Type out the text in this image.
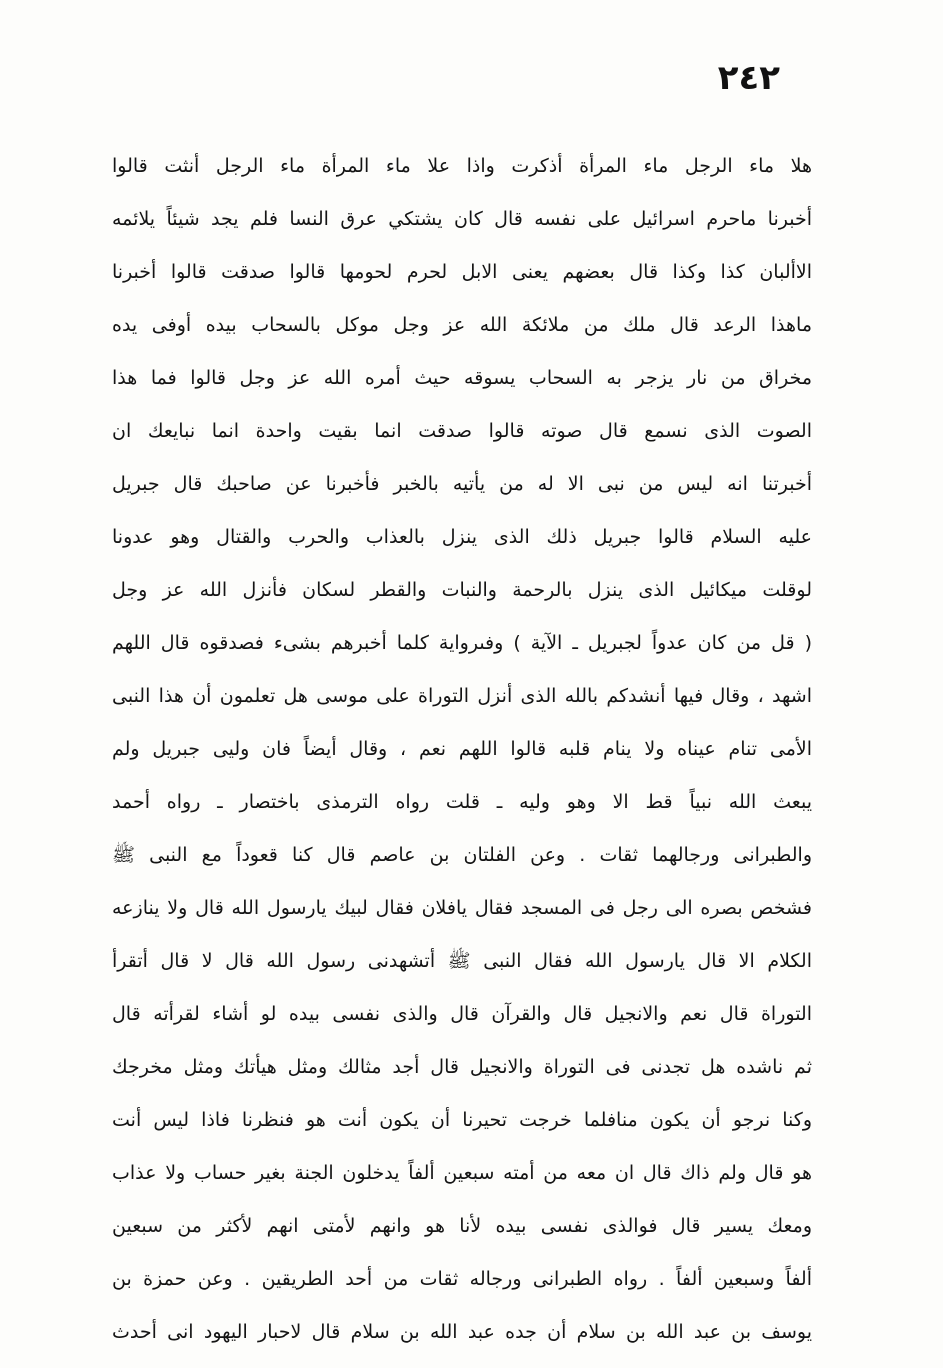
٢٤٢
هلا ماء الرجل ماء المرأة أذكرت واذا علا ماء المرأة ماء الرجل أنثت قالوا
أخبرنا ماحرم اسرائيل على نفسه قال كان يشتكي عرق النسا فلم يجد شيئاً يلائمه
الاألبان كذا وكذا قال بعضهم يعنى الابل لحرم لحومها قالوا صدقت قالوا أخبرنا
ماهذا الرعد قال ملك من ملائكة الله عز وجل موكل بالسحاب بيده أوفى يده
مخراق من نار يزجر به السحاب يسوقه حيث أمره الله عز وجل قالوا فما هذا
الصوت الذى نسمع قال صوته قالوا صدقت انما بقيت واحدة انما نبايعك ان
أخبرتنا انه ليس من نبى الا له من يأتيه بالخبر فأخبرنا عن صاحبك قال جبريل
عليه السلام قالوا جبريل ذلك الذى ينزل بالعذاب والحرب والقتال وهو عدونا
لوقلت ميكائيل الذى ينزل بالرحمة والنبات والقطر لسكان فأنزل الله عز وجل
( قل من كان عدواً لجبريل ـ الآية ) وفىرواية كلما أخبرهم بشىء فصدقوه قال اللهم
اشهد ، وقال فيها أنشدكم بالله الذى أنزل التوراة على موسى هل تعلمون أن هذا النبى
الأمى تنام عيناه ولا ينام قلبه قالوا اللهم نعم ، وقال أيضاً فان وليى جبريل ولم
يبعث الله نبياً قط الا وهو وليه ـ قلت رواه الترمذى باختصار ـ رواه أحمد
والطبرانى ورجالهما ثقات . وعن الفلتان بن عاصم قال كنا قعوداً مع النبى ﷺ
فشخص بصره الى رجل فى المسجد فقال يافلان فقال لبيك يارسول الله قال ولا ينازعه
الكلام الا قال يارسول الله فقال النبى ﷺ أتشهدنى رسول الله قال لا قال أتقرأ
التوراة قال نعم والانجيل قال والقرآن قال والذى نفسى بيده لو أشاء لقرأته قال
ثم ناشده هل تجدنى فى التوراة والانجيل قال أجد مثالك ومثل هيأتك ومثل مخرجك
وكنا نرجو أن يكون منافلما خرجت تحيرنا أن يكون أنت هو فنظرنا فاذا ليس أنت
هو قال ولم ذاك قال ان معه من أمته سبعين ألفاً يدخلون الجنة بغير حساب ولا عذاب
ومعك يسير قال فوالذى نفسى بيده لأنا هو وانهم لأمتى انهم لأكثر من سبعين
ألفاً وسبعين ألفاً . رواه الطبرانى ورجاله ثقات من أحد الطريقين . وعن حمزة بن
يوسف بن عبد الله بن سلام أن جده عبد الله بن سلام قال لاحبار اليهود انى أحدث
